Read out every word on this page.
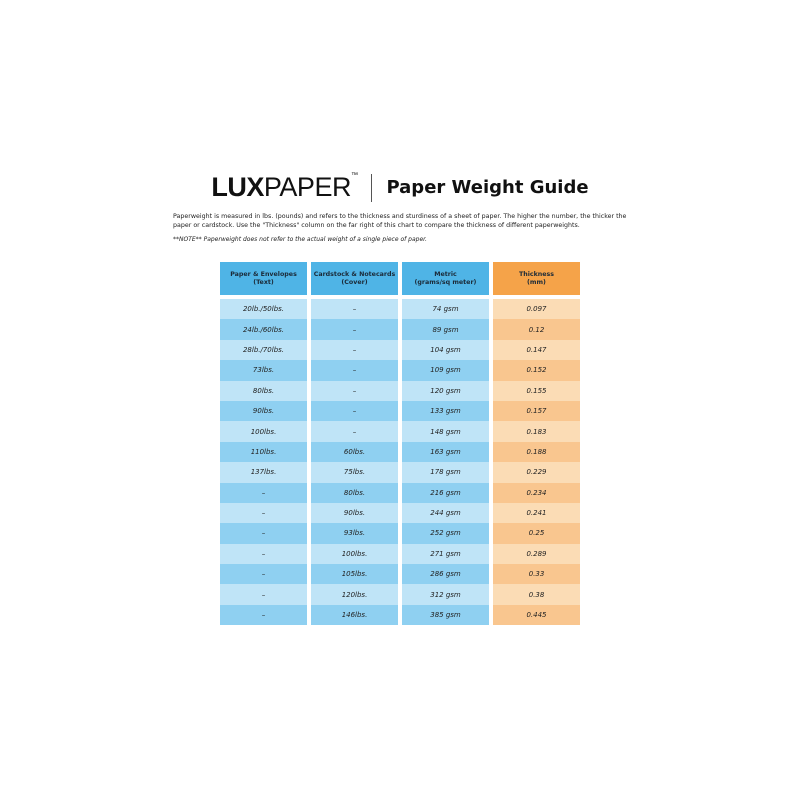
LUXPAPER™
Paper Weight Guide
Paperweight is measured in lbs. (pounds) and refers to the thickness and sturdiness of a sheet of paper. The higher the number, the thicker the paper or cardstock. Use the "Thickness" column on the far right of this chart to compare the thickness of different paperweights.
**NOTE** Paperweight does not refer to the actual weight of a single piece of paper.
Paper & Envelopes
(Text)
Cardstock & Notecards
(Cover)
Metric
(grams/sq meter)
Thickness
(mm)
20lb./50lbs.	–	74 gsm	0.097
24lb./60lbs.	–	89 gsm	0.12
28lb./70lbs.	–	104 gsm	0.147
73lbs.	–	109 gsm	0.152
80lbs.	–	120 gsm	0.155
90lbs.	–	133 gsm	0.157
100lbs.	–	148 gsm	0.183
110lbs.	60lbs.	163 gsm	0.188
137lbs.	75lbs.	178 gsm	0.229
–	80lbs.	216 gsm	0.234
–	90lbs.	244 gsm	0.241
–	93lbs.	252 gsm	0.25
–	100lbs.	271 gsm	0.289
–	105lbs.	286 gsm	0.33
–	120lbs.	312 gsm	0.38
–	146lbs.	385 gsm	0.445
